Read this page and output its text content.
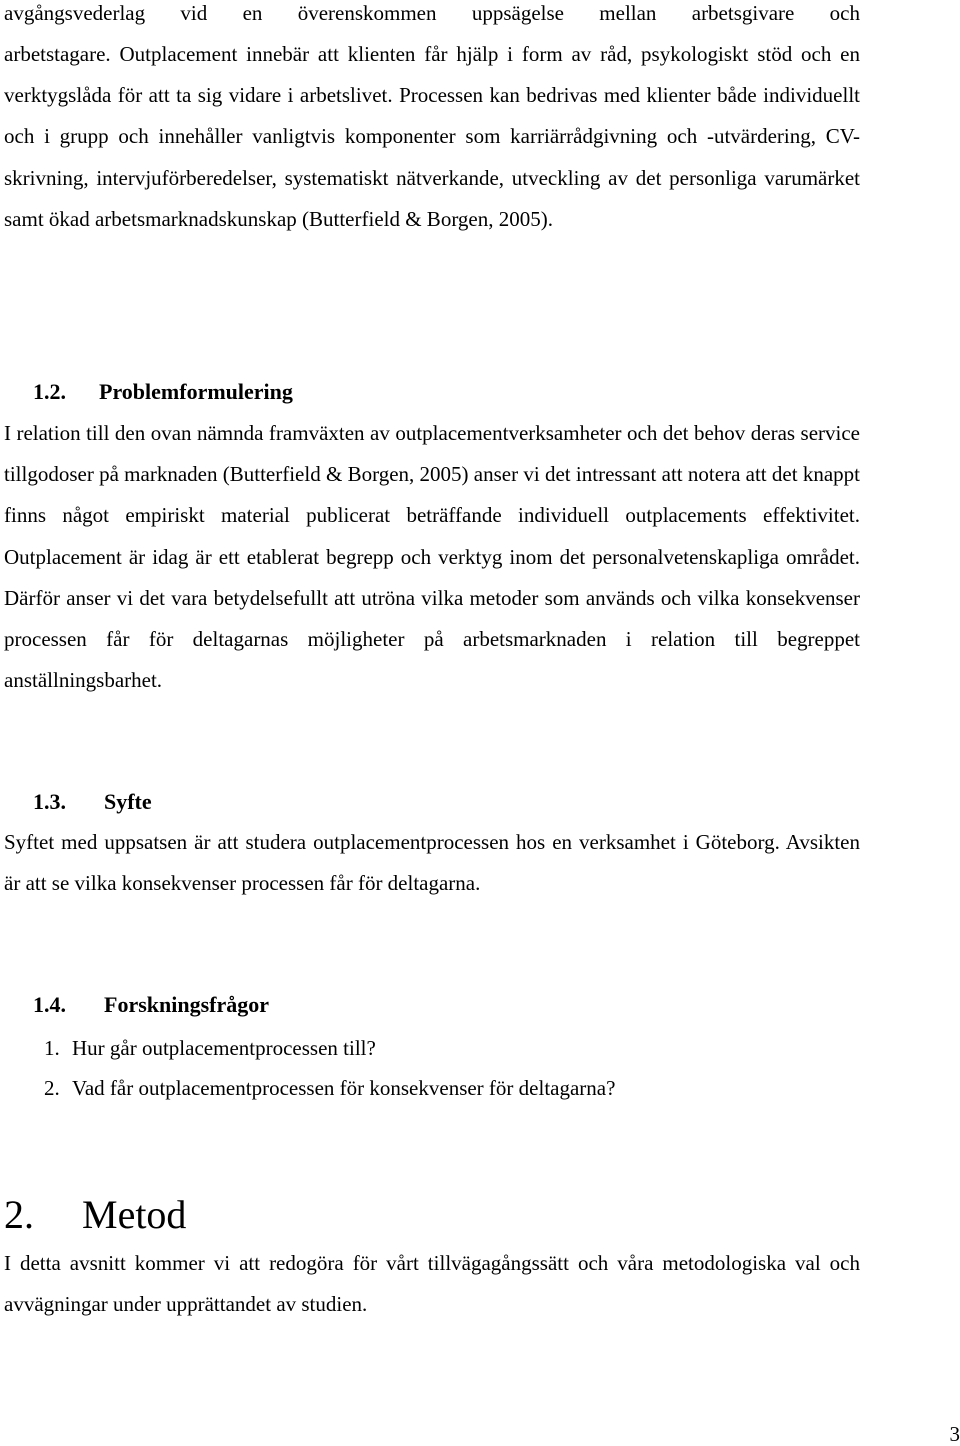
avgångsvederlag vid en överenskommen uppsägelse mellan arbetsgivare och

arbetstagare. Outplacement innebär att klienten får hjälp i form av råd, psykologiskt stöd och en verktygslåda för att ta sig vidare i arbetslivet. Processen kan bedrivas med klienter både individuellt och i grupp och innehåller vanligtvis komponenter som karriärrådgivning och -utvärdering, CV-skrivning, intervjuförberedelser, systematiskt nätverkande, utveckling av det personliga varumärket samt ökad arbetsmarknadskunskap (Butterfield & Borgen, 2005).

1.2. Problemformulering

I relation till den ovan nämnda framväxten av outplacementverksamheter och det behov deras service tillgodoser på marknaden (Butterfield & Borgen, 2005) anser vi det intressant att notera att det knappt finns något empiriskt material publicerat beträffande individuell outplacements effektivitet. Outplacement är idag är ett etablerat begrepp och verktyg inom det personalvetenskapliga området. Därför anser vi det vara betydelsefullt att utröna vilka metoder som används och vilka konsekvenser processen får för deltagarnas möjligheter på arbetsmarknaden i relation till begreppet anställningsbarhet.

1.3. Syfte

Syftet med uppsatsen är att studera outplacementprocessen hos en verksamhet i Göteborg. Avsikten är att se vilka konsekvenser processen får för deltagarna.

1.4. Forskningsfrågor
1. Hur går outplacementprocessen till?
2. Vad får outplacementprocessen för konsekvenser för deltagarna?
2. Metod

I detta avsnitt kommer vi att redogöra för vårt tillvägagångssätt och våra metodologiska val och avvägningar under upprättandet av studien.

3
